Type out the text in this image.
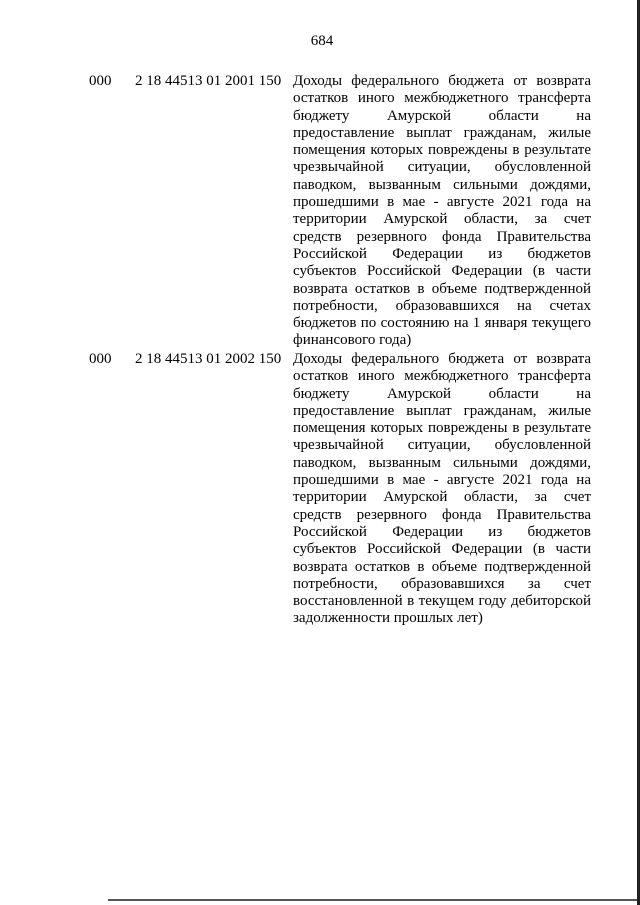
684
000 2 18 44513 01 2001 150 Доходы федерального бюджета от возврата остатков иного межбюджетного трансферта бюджету Амурской области на предоставление выплат гражданам, жилые помещения которых повреждены в результате чрезвычайной ситуации, обусловленной паводком, вызванным сильными дождями, прошедшими в мае - августе 2021 года на территории Амурской области, за счет средств резервного фонда Правительства Российской Федерации из бюджетов субъектов Российской Федерации (в части возврата остатков в объеме подтвержденной потребности, образовавшихся на счетах бюджетов по состоянию на 1 января текущего финансового года)

000 2 18 44513 01 2002 150 Доходы федерального бюджета от возврата остатков иного межбюджетного трансферта бюджету Амурской области на предоставление выплат гражданам, жилые помещения которых повреждены в результате чрезвычайной ситуации, обусловленной паводком, вызванным сильными дождями, прошедшими в мае - августе 2021 года на территории Амурской области, за счет средств резервного фонда Правительства Российской Федерации из бюджетов субъектов Российской Федерации (в части возврата остатков в объеме подтвержденной потребности, образовавшихся за счет восстановленной в текущем году дебиторской задолженности прошлых лет)
